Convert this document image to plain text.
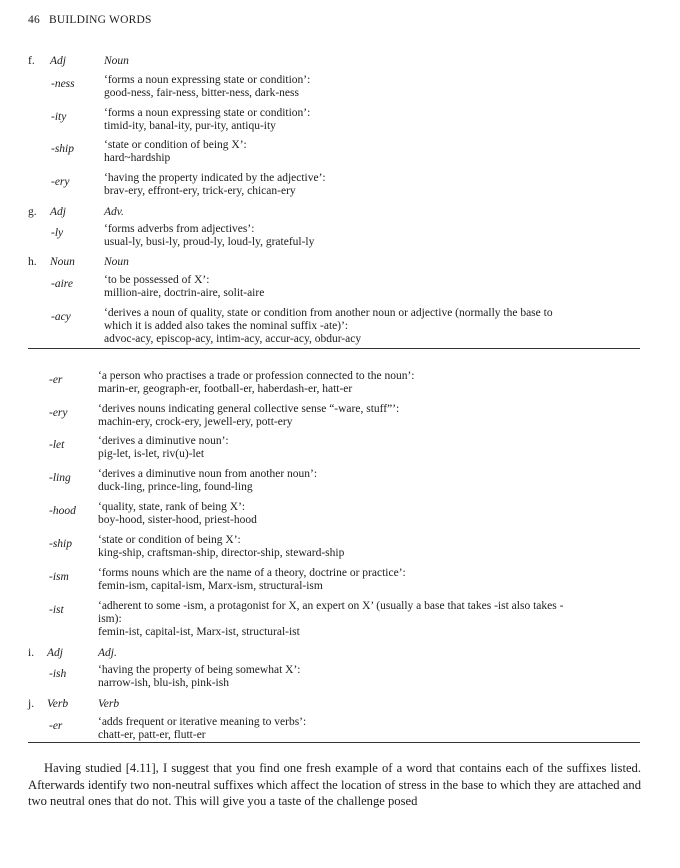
46 BUILDING WORDS
f. Adj	Noun
-ness	‘forms a noun expressing state or condition’:
good-ness, fair-ness, bitter-ness, dark-ness
-ity	‘forms a noun expressing state or condition’:
timid-ity, banal-ity, pur-ity, antiqu-ity
-ship	‘state or condition of being X’:
hard~hardship
-ery	‘having the property indicated by the adjective’:
brav-ery, effront-ery, trick-ery, chican-ery
g. Adj	Adv.
-ly	‘forms adverbs from adjectives’:
usual-ly, busi-ly, proud-ly, loud-ly, grateful-ly
h. Noun	Noun
-aire	‘to be possessed of X’:
million-aire, doctrin-aire, solit-aire
-acy	‘derives a noun of quality, state or condition from another noun or adjective (normally the base to
which it is added also takes the nominal suffix -ate)’:
advoc-acy, episcop-acy, intim-acy, accur-acy, obdur-acy
-er	‘a person who practises a trade or profession connected to the noun’:
marin-er, geograph-er, football-er, haberdash-er, hatt-er
-ery	‘derives nouns indicating general collective sense “-ware, stuff”’:
machin-ery, crock-ery, jewell-ery, pott-ery
-let	‘derives a diminutive noun’:
pig-let, is-let, riv(u)-let
-ling ‘derives a diminutive noun from another noun’:
duck-ling, prince-ling, found-ling
-hood ‘quality, state, rank of being X’:
boy-hood, sister-hood, priest-hood
-ship ‘state or condition of being X’:
king-ship, craftsman-ship, director-ship, steward-ship
-ism	‘forms nouns which are the name of a theory, doctrine or practice’:
femin-ism, capital-ism, Marx-ism, structural-ism
-ist	‘adherent to some -ism, a protagonist for X, an expert on X’ (usually a base that takes -ist also takes -
ism):
femin-ist, capital-ist, Marx-ist, structural-ist
i. Adj	Adj.
-ish	‘having the property of being somewhat X’:
narrow-ish, blu-ish, pink-ish
j. Verb	Verb
-er	‘adds frequent or iterative meaning to verbs’:
chatt-er, patt-er, flutt-er
Having studied [4.11], I suggest that you find one fresh example of a word that contains each of the suffixes listed. Afterwards identify two non-neutral suffixes which affect the location of stress in the base to which they are attached and two neutral ones that do not. This will give you a taste of the challenge posed
